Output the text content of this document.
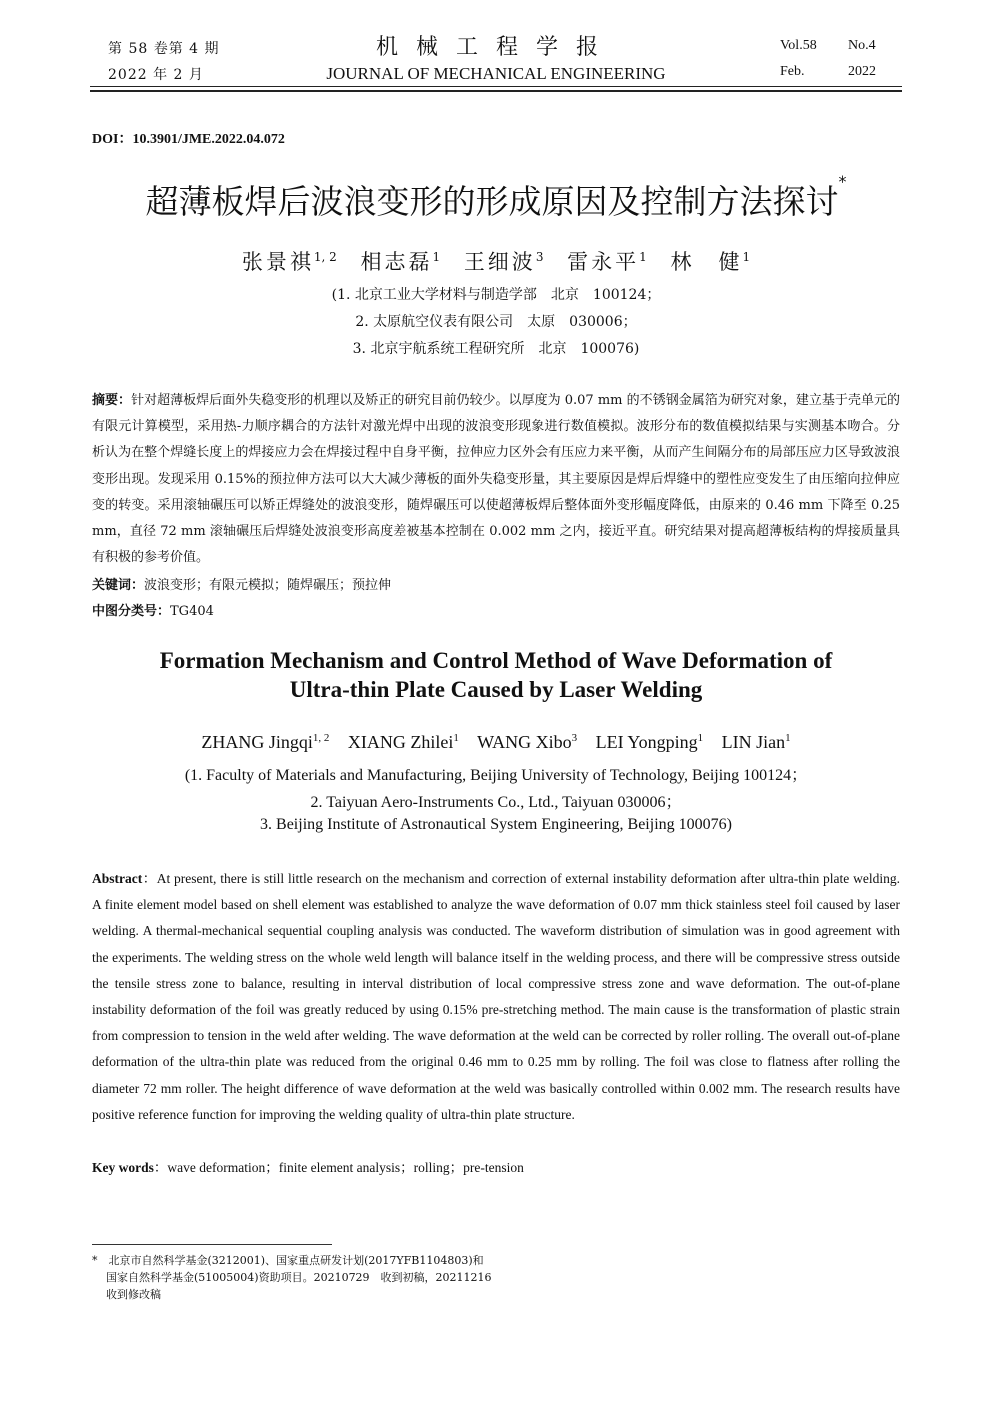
第 58 卷第 4 期
2022 年 2 月
机械工程学报
JOURNAL OF MECHANICAL ENGINEERING
Vol.58 No.4
Feb.	2022
DOI：10.3901/JME.2022.04.072
超薄板焊后波浪变形的形成原因及控制方法探讨*
张景祺$^{1, 2}$ 相志磊$^1$ 王细波$^3$ 雷永平$^1$ 林　健$^1$
(1. 北京工业大学材料与制造学部　北京　100124；
2. 太原航空仪表有限公司　太原　030006；
3. 北京宇航系统工程研究所　北京　100076)
摘要：针对超薄板焊后面外失稳变形的机理以及矫正的研究目前仍较少。以厚度为 0.07 mm 的不锈钢金属箔为研究对象，建立基于壳单元的有限元计算模型，采用热-力顺序耦合的方法针对激光焊中出现的波浪变形现象进行数值模拟。波形分布的数值模拟结果与实测基本吻合。分析认为在整个焊缝长度上的焊接应力会在焊接过程中自身平衡，拉伸应力区外会有压应力来平衡，从而产生间隔分布的局部压应力区导致波浪变形出现。发现采用 0.15%的预拉伸方法可以大大减少薄板的面外失稳变形量，其主要原因是焊后焊缝中的塑性应变发生了由压缩向拉伸应变的转变。采用滚轴碾压可以矫正焊缝处的波浪变形，随焊碾压可以使超薄板焊后整体面外变形幅度降低，由原来的 0.46 mm 下降至 0.25 mm，直径 72 mm 滚轴碾压后焊缝处波浪变形高度差被基本控制在 0.002 mm 之内，接近平直。研究结果对提高超薄板结构的焊接质量具有积极的参考价值。
关键词：波浪变形；有限元模拟；随焊碾压；预拉伸
中图分类号：TG404
Formation Mechanism and Control Method of Wave Deformation of
Ultra-thin Plate Caused by Laser Welding
ZHANG Jingqi$^{1, 2}$ XIANG Zhilei$^1$ WANG Xibo$^3$ LEI Yongping$^1$ LIN Jian$^1$
(1. Faculty of Materials and Manufacturing, Beijing University of Technology, Beijing 100124；
2. Taiyuan Aero-Instruments Co., Ltd., Taiyuan 030006；
3. Beijing Institute of Astronautical System Engineering, Beijing 100076)
Abstract：At present, there is still little research on the mechanism and correction of external instability deformation after ultra-thin plate welding. A finite element model based on shell element was established to analyze the wave deformation of 0.07 mm thick stainless steel foil caused by laser welding. A thermal-mechanical sequential coupling analysis was conducted. The waveform distribution of simulation was in good agreement with the experiments. The welding stress on the whole weld length will balance itself in the welding process, and there will be compressive stress outside the tensile stress zone to balance, resulting in interval distribution of local compressive stress zone and wave deformation. The out-of-plane instability deformation of the foil was greatly reduced by using 0.15% pre-stretching method. The main cause is the transformation of plastic strain from compression to tension in the weld after welding. The wave deformation at the weld can be corrected by roller rolling. The overall out-of-plane deformation of the ultra-thin plate was reduced from the original 0.46 mm to 0.25 mm by rolling. The foil was close to flatness after rolling the diameter 72 mm roller. The height difference of wave deformation at the weld was basically controlled within 0.002 mm. The research results have positive reference function for improving the welding quality of ultra-thin plate structure.
Key words：wave deformation；finite element analysis；rolling；pre-tension
*　 北京市自然科学基金(3212001)、国家重点研发计划(2017YFB1104803)和
国家自然科学基金(51005004)资助项目。20210729　收到初稿，20211216
收到修改稿
